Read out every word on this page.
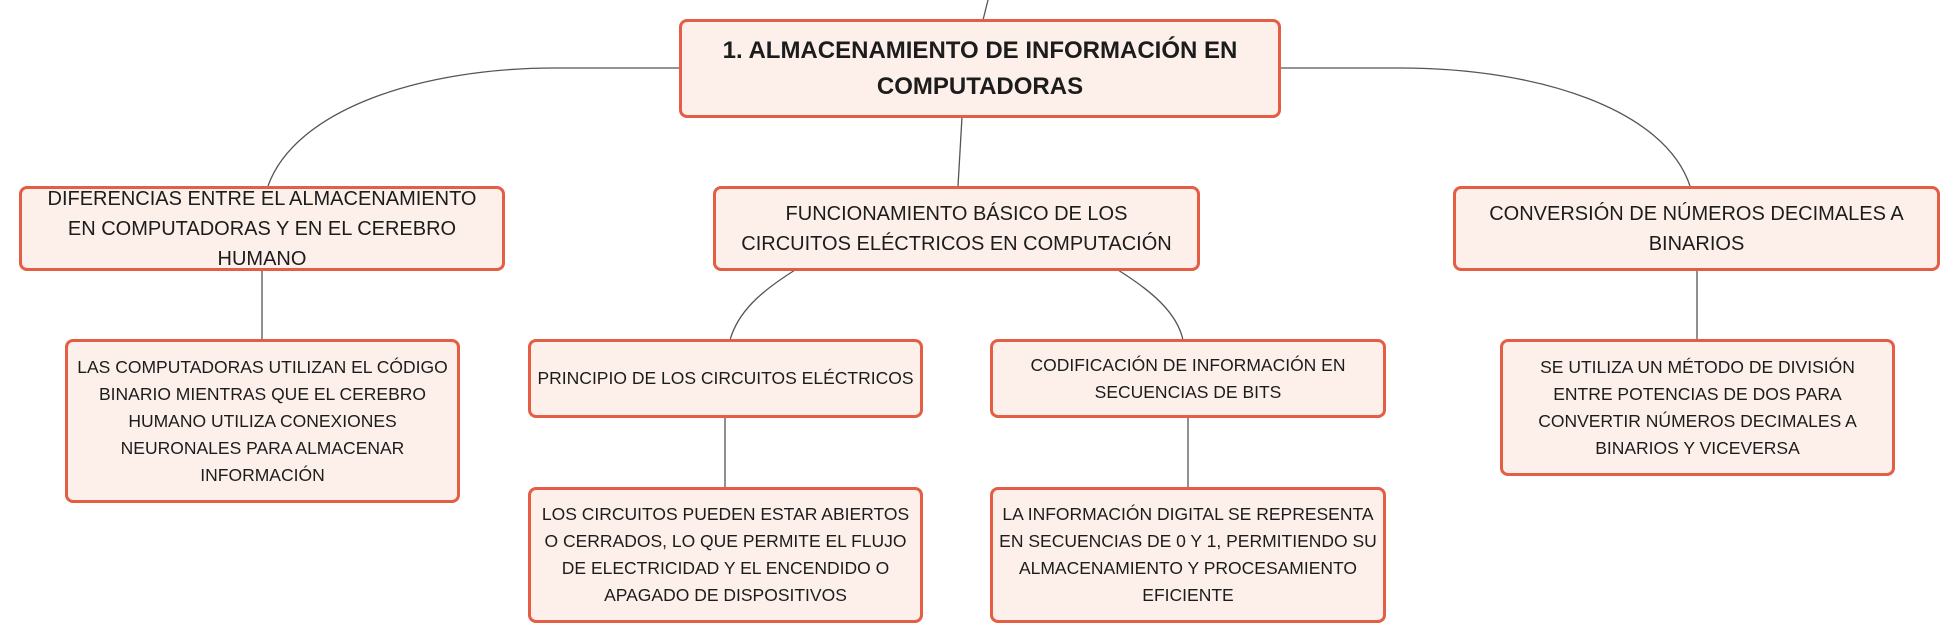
1. ALMACENAMIENTO DE INFORMACIÓN EN COMPUTADORAS
DIFERENCIAS ENTRE EL ALMACENAMIENTO EN COMPUTADORAS Y EN EL CEREBRO HUMANO
FUNCIONAMIENTO BÁSICO DE LOS CIRCUITOS ELÉCTRICOS EN COMPUTACIÓN
CONVERSIÓN DE NÚMEROS DECIMALES A BINARIOS
LAS COMPUTADORAS UTILIZAN EL CÓDIGO BINARIO MIENTRAS QUE EL CEREBRO HUMANO UTILIZA CONEXIONES NEURONALES PARA ALMACENAR INFORMACIÓN
PRINCIPIO DE LOS CIRCUITOS ELÉCTRICOS
CODIFICACIÓN DE INFORMACIÓN EN SECUENCIAS DE BITS
SE UTILIZA UN MÉTODO DE DIVISIÓN ENTRE POTENCIAS DE DOS PARA CONVERTIR NÚMEROS DECIMALES A BINARIOS Y VICEVERSA
LOS CIRCUITOS PUEDEN ESTAR ABIERTOS O CERRADOS, LO QUE PERMITE EL FLUJO DE ELECTRICIDAD Y EL ENCENDIDO O APAGADO DE DISPOSITIVOS
LA INFORMACIÓN DIGITAL SE REPRESENTA EN SECUENCIAS DE 0 Y 1, PERMITIENDO SU ALMACENAMIENTO Y PROCESAMIENTO EFICIENTE
